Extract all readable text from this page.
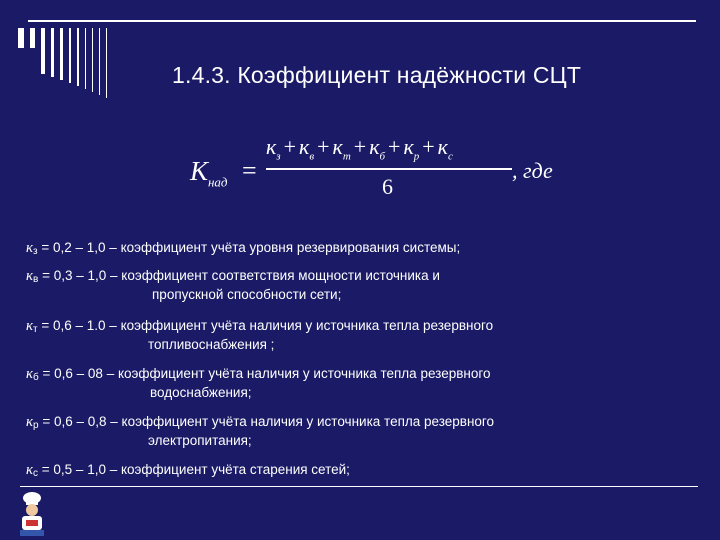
1.4.3. Коэффициент надёжности СЦТ
$К_{над}$ =
$к_з + к_в + к_т + к_б + к_р + к_с$
6
, где
$к_з = 0,2 - 1,0$ – коэффициент учёта уровня резервирования системы;
$к_в = 0,3 - 1,0$ – коэффициент соответствия мощности источника и
пропускной способности сети;
$к_т = 0,6 - 1.0$ – коэффициент учёта наличия у источника тепла резервного
топливоснабжения ;
$к_б = 0,6 - 08$ – коэффициент учёта наличия у источника тепла резервного
водоснабжения;
$к_р = 0,6 - 0,8$ – коэффициент учёта наличия у источника тепла резервного
электропитания;
$к_с = 0,5 - 1,0$ – коэффициент учёта старения сетей;
